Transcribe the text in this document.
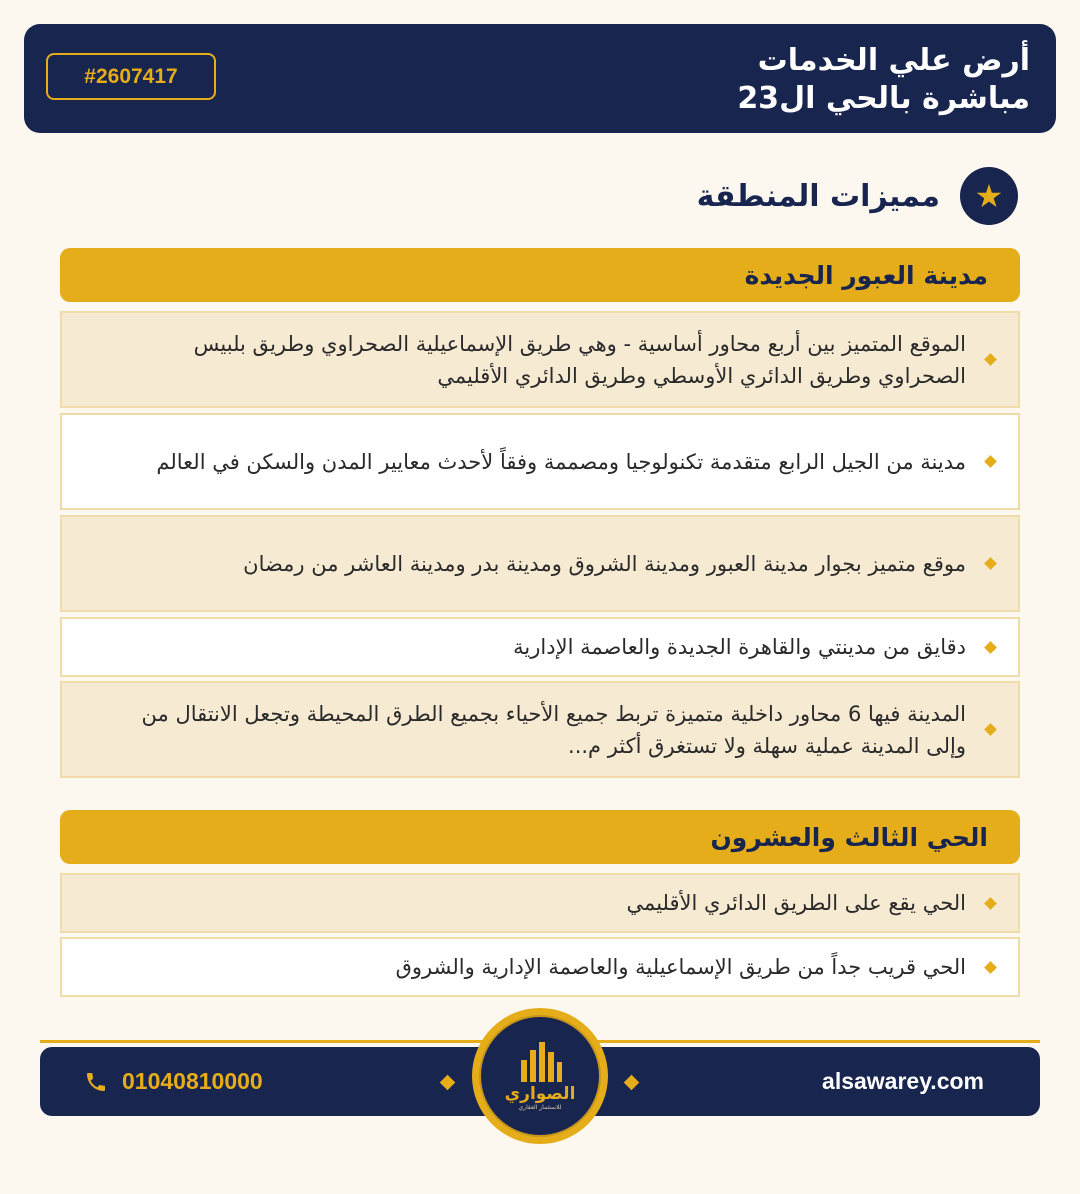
أرض علي الخدمات
مباشرة بالحي ال23
#2607417
★
مميزات المنطقة
مدينة العبور الجديدة
الموقع المتميز بين أربع محاور أساسية - وهي طريق الإسماعيلية الصحراوي وطريق بلبيس الصحراوي وطريق الدائري الأوسطي وطريق الدائري الأقليمي
مدينة من الجيل الرابع متقدمة تكنولوجيا ومصممة وفقاً لأحدث معايير المدن والسكن في العالم
موقع متميز بجوار مدينة العبور ومدينة الشروق ومدينة بدر ومدينة العاشر من رمضان
دقايق من مدينتي والقاهرة الجديدة والعاصمة الإدارية
المدينة فيها 6 محاور داخلية متميزة تربط جميع الأحياء بجميع الطرق المحيطة وتجعل الانتقال من وإلى المدينة عملية سهلة ولا تستغرق أكثر م...
الحي الثالث والعشرون
الحي يقع على الطريق الدائري الأقليمي
الحي قريب جداً من طريق الإسماعيلية والعاصمة الإدارية والشروق
01040810000	alsawarey.com
الصواري
للاستثمار العقاري
